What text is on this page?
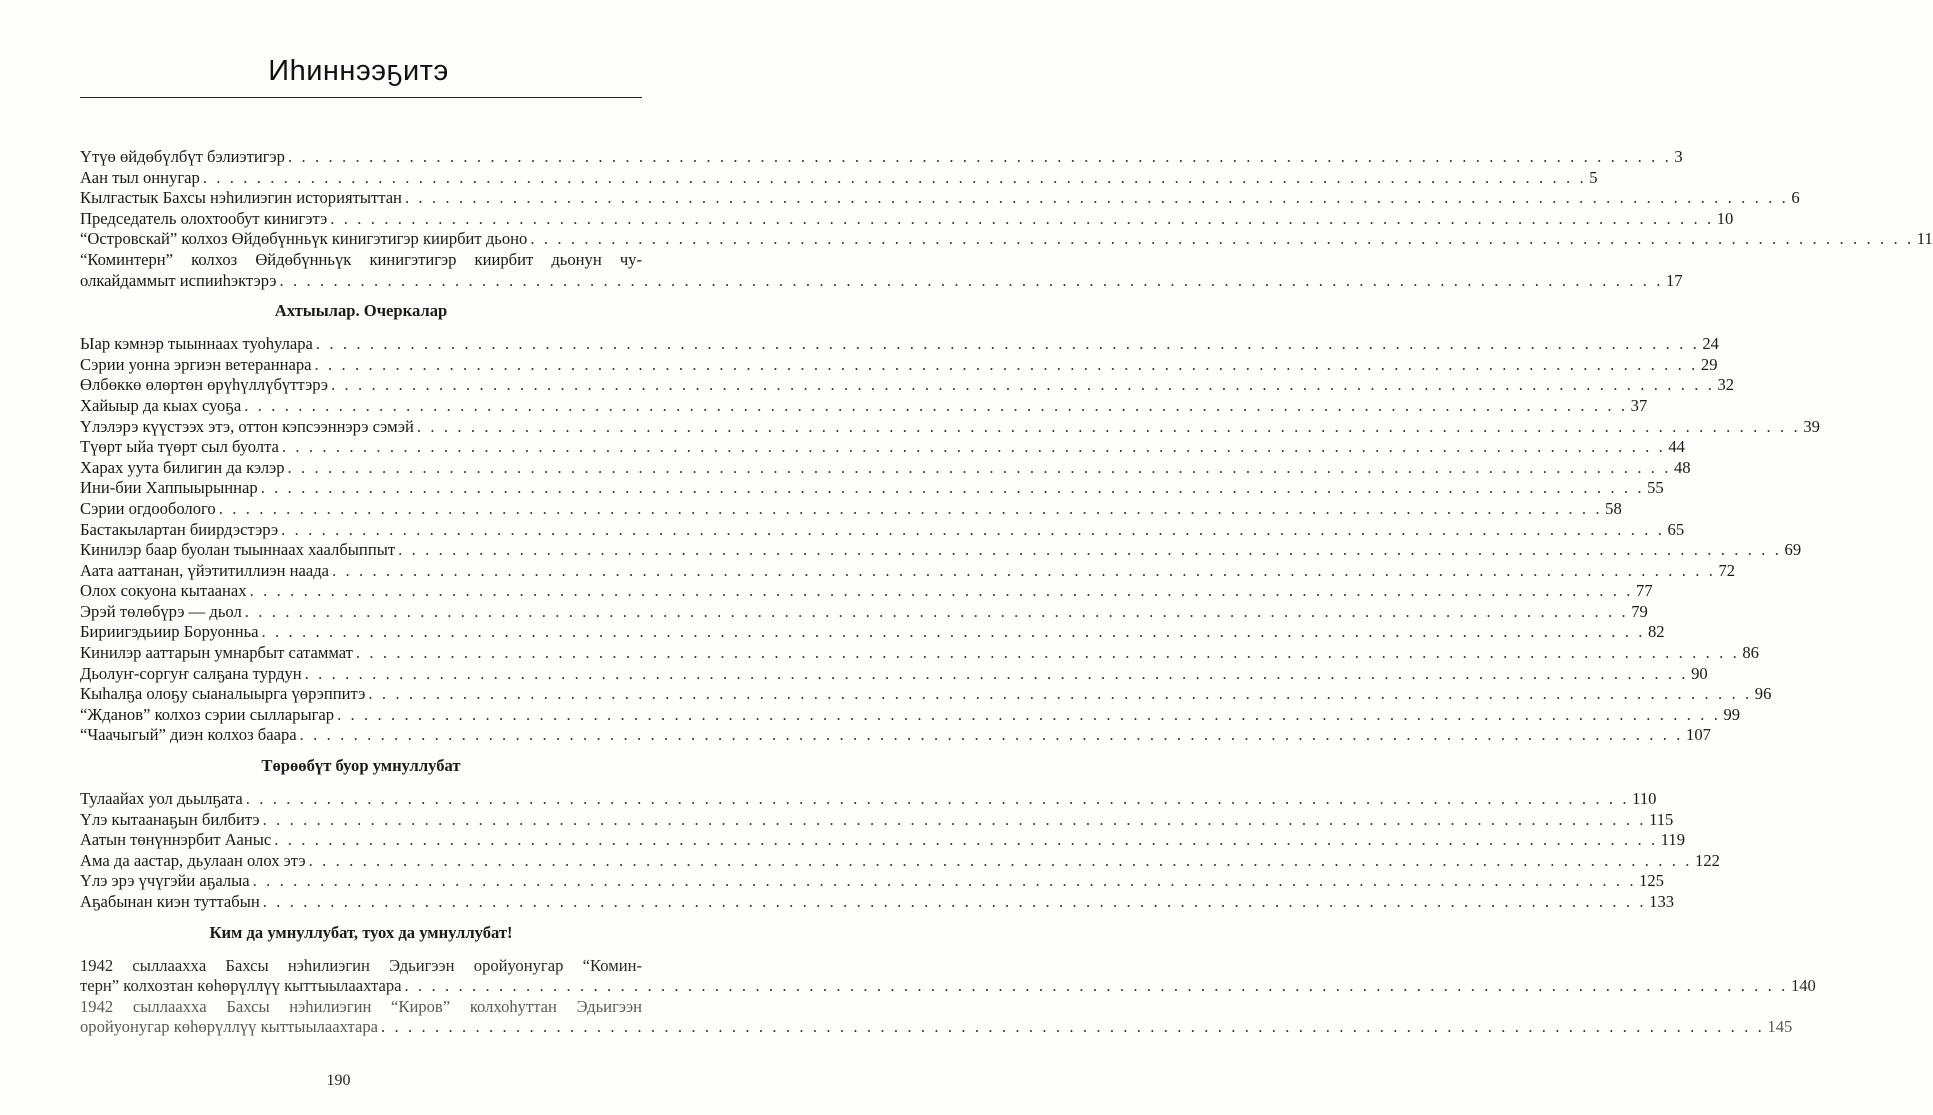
Иhиннээҕитэ
Үтүө өйдөбүлбүт бэлиэтигэр . . .	3
Аан тыл оннугар . . .	5
Кылгастык Бахсы нэhилиэгин историятыттан . . .	6
Председатель олохтообут кинигэтэ . . .	10
“Островскай” колхоз Өйдөбүнньүк кинигэтигэр киирбит дьоно . . .	11
“Коминтерн” колхоз Өйдөбүнньүк кинигэтигэр киирбит дьонун чу-
олкайдаммыт испииhэктэрэ . . .	17
Ахтыылар. Очеркалар
Ыар кэмнэр тыыннаах туоhулара . . .	24
Сэрии уонна эргиэн ветераннара . . .	29
Өлбөккө өлөртөн өрүhүллүбүттэрэ . . .	32
Хайыыр да кыах суоҕа . . .	37
Үлэлэрэ күүстээх этэ, оттон кэпсээннэрэ сэмэй . . .	39
Түөрт ыйа түөрт сыл буолта . . .	44
Харах уута билигин да кэлэр . . .	48
Ини-бии Хаппыырыннар . . .	55
Сэрии огдооболого . . .	58
Бастакылартан биирдэстэрэ . . .	65
Кинилэр баар буолан тыыннаах хаалбыппыт . . .	69
Аата ааттанан, үйэтитиллиэн наада . . .	72
Олох сокуона кытаанах . . .	77
Эрэй төлөбүрэ — дьол . . .	79
Бириигэдьиир Боруонньа . . .	82
Кинилэр ааттарын умнарбыт сатаммат . . .	86
Дьолуҥ-соргуҥ салҕана турдун . . .	90
Кыhалҕа олоҕу сыаналыырга үөрэппитэ . . .	96
“Жданов” колхоз сэрии сылларыгар . . .	99
“Чаачыгый” диэн колхоз баара . . .	107
Төрөөбүт буор умнуллубат
Тулаайах уол дьылҕата . . .	110
Үлэ кытаанаҕын билбитэ . . .	115
Аатын төнүннэрбит Ааныс . . .	119
Ама да аастар, дьулаан олох этэ . . .	122
Үлэ эрэ үчүгэйи аҕалыа . . .	125
Аҕабынан киэн туттабын . . .	133
Ким да умнуллубат, туох да умнуллубат!
1942 сыллааххa Бахсы нэhилиэгин Эдьигээн оройуонугар “Комин-
терн” колхозтан көhөрүллүү кыттыылаахтара . . .	140
1942 сыллааххa Бахсы нэhилиэгин “Киров” колхоhуттан Эдьигээн
оройуонугар көhөрүллүү кыттыылаахтара . . .	145
190
